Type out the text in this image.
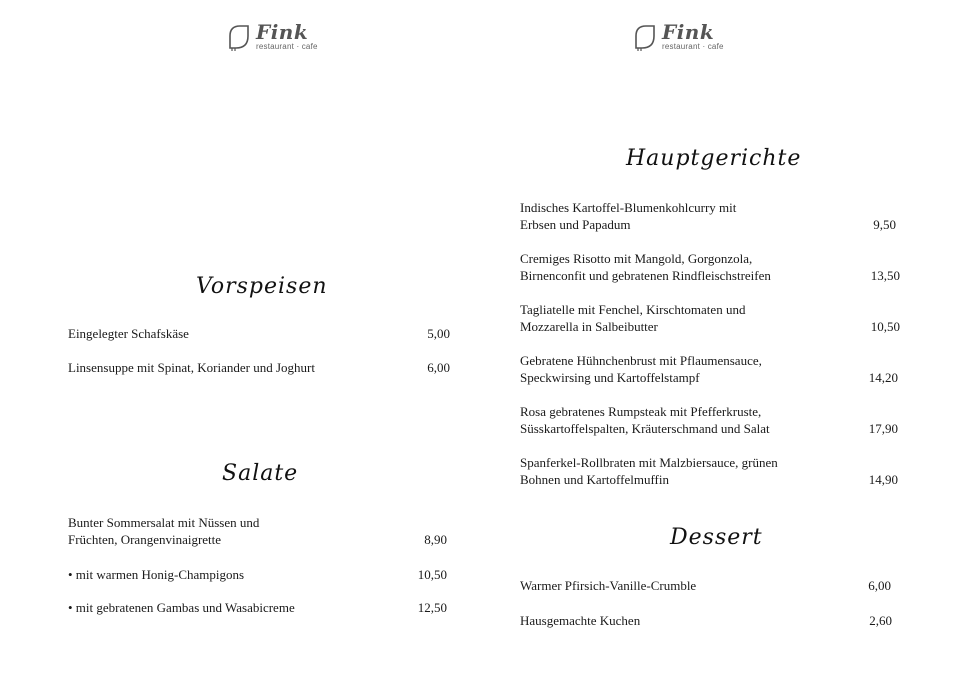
Fink
restaurant · cafe
Fink
restaurant · cafe
Vorspeisen
Eingelegter Schafskäse	5,00
Linsensuppe mit Spinat, Koriander und Joghurt	6,00
Salate
Bunter Sommersalat mit Nüssen und
Früchten, Orangenvinaigrette	8,90
• mit warmen Honig-Champigons	10,50
• mit gebratenen Gambas und Wasabicreme	12,50
Hauptgerichte
Indisches Kartoffel-Blumenkohlcurry mit
Erbsen und Papadum	9,50
Cremiges Risotto mit Mangold, Gorgonzola,
Birnenconfit und gebratenen Rindfleischstreifen	13,50
Tagliatelle mit Fenchel, Kirschtomaten und
Mozzarella in Salbeibutter	10,50
Gebratene Hühnchenbrust mit Pflaumensauce,
Speckwirsing und Kartoffelstampf	14,20
Rosa gebratenes Rumpsteak mit Pfefferkruste,
Süsskartoffelspalten, Kräuterschmand und Salat	17,90
Spanferkel-Rollbraten mit Malzbiersauce, grünen
Bohnen und Kartoffelmuffin	14,90
Dessert
Warmer Pfirsich-Vanille-Crumble	6,00
Hausgemachte Kuchen	2,60
